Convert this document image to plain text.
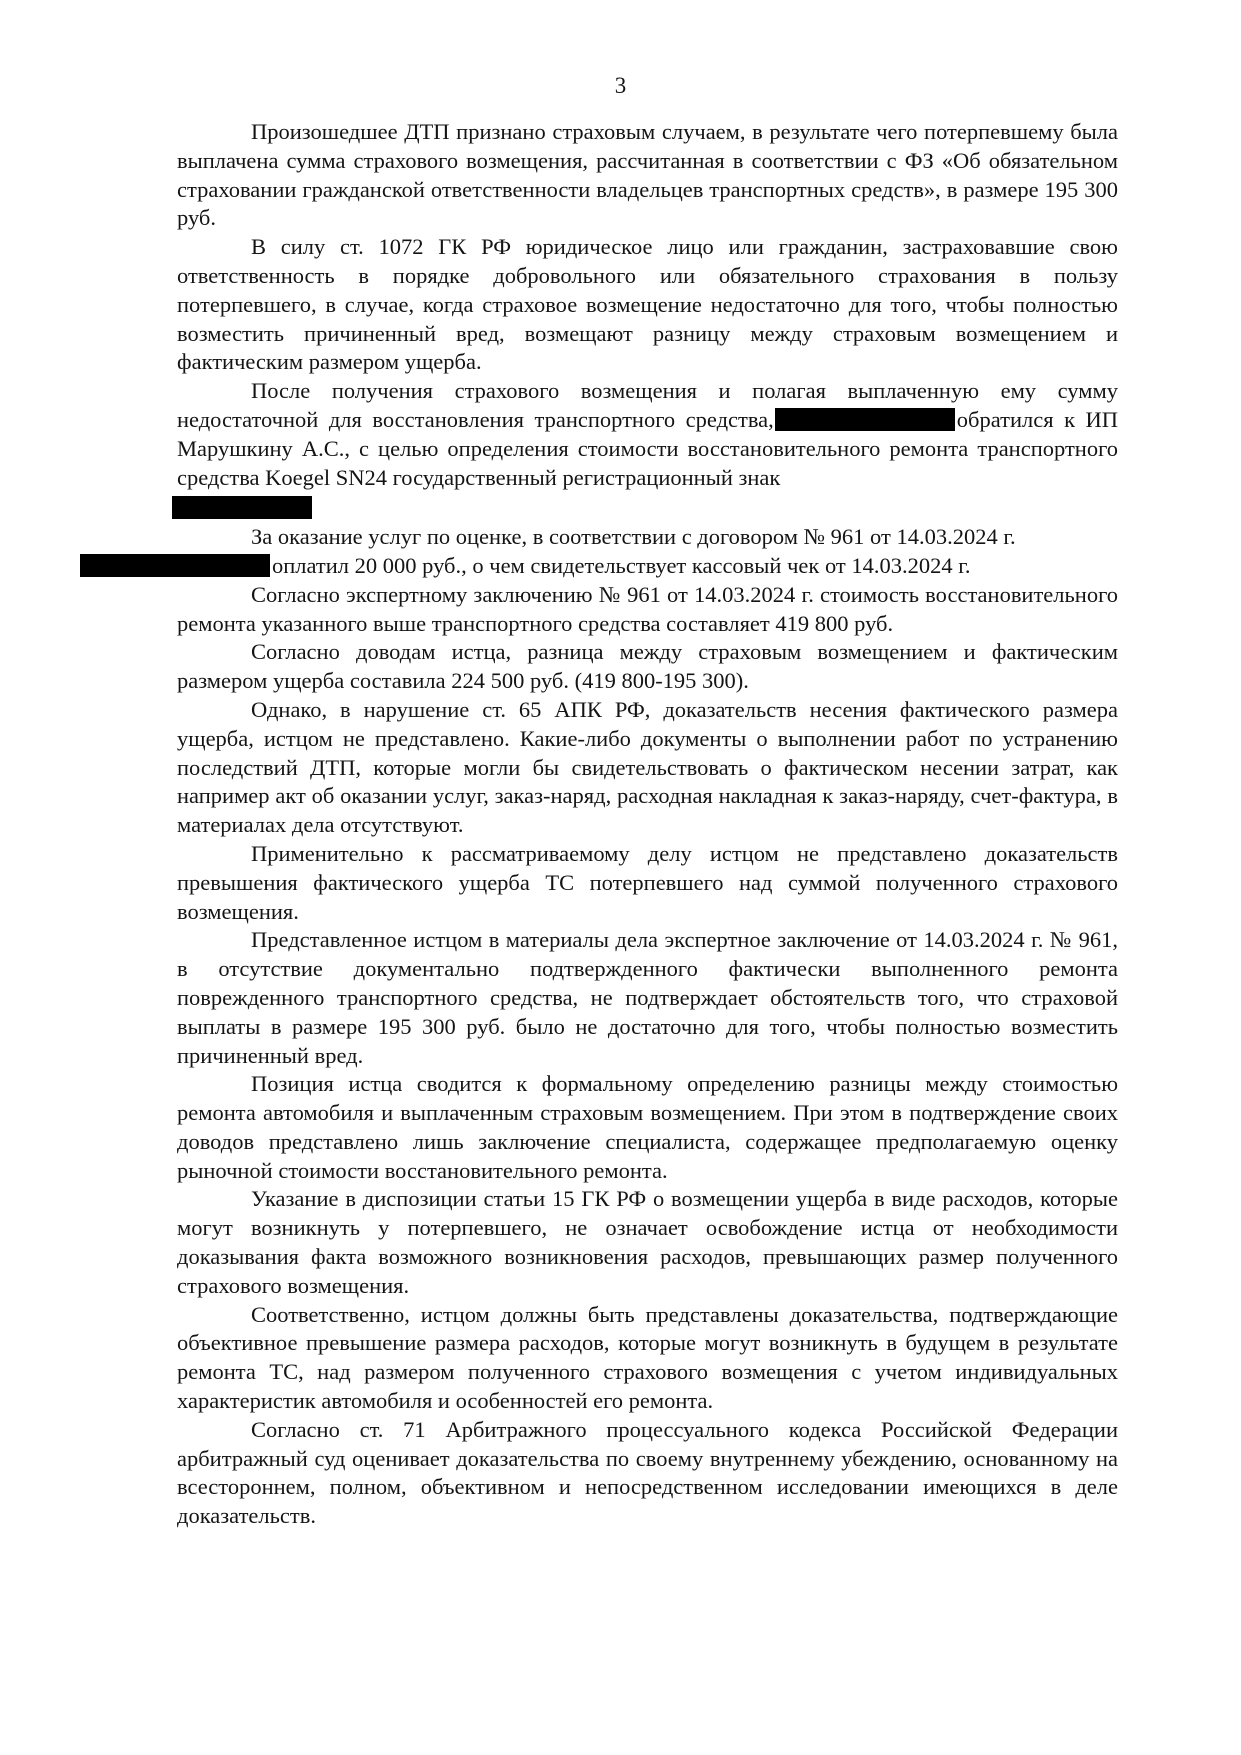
3

Произошедшее ДТП признано страховым случаем, в результате чего потерпевшему была выплачена сумма страхового возмещения, рассчитанная в соответствии с ФЗ «Об обязательном страховании гражданской ответственности владельцев транспортных средств», в размере 195 300 руб.

В силу ст. 1072 ГК РФ юридическое лицо или гражданин, застраховавшие свою ответственность в порядке добровольного или обязательного страхования в пользу потерпевшего, в случае, когда страховое возмещение недостаточно для того, чтобы полностью возместить причиненный вред, возмещают разницу между страховым возмещением и фактическим размером ущерба.

После получения страхового возмещения и полагая выплаченную ему сумму недостаточной для восстановления транспортного средства,	обратился к ИП Марушкину А.С., с целью определения стоимости восстановительного ремонта транспортного средства Koegel SN24 государственный регистрационный знак

За оказание услуг по оценке, в соответствии с договором № 961 от 14.03.2024 г.
оплатил 20 000 руб., о чем свидетельствует кассовый чек от 14.03.2024 г.

Согласно экспертному заключению № 961 от 14.03.2024 г. стоимость восстановительного ремонта указанного выше транспортного средства составляет 419 800 руб.

Согласно доводам истца, разница между страховым возмещением и фактическим размером ущерба составила 224 500 руб. (419 800-195 300).

Однако, в нарушение ст. 65 АПК РФ, доказательств несения фактического размера ущерба, истцом не представлено. Какие-либо документы о выполнении работ по устранению последствий ДТП, которые могли бы свидетельствовать о фактическом несении затрат, как например акт об оказании услуг, заказ-наряд, расходная накладная к заказ-наряду, счет-фактура, в материалах дела отсутствуют.

Применительно к рассматриваемому делу истцом не представлено доказательств превышения фактического ущерба ТС потерпевшего над суммой полученного страхового возмещения.

Представленное истцом в материалы дела экспертное заключение от 14.03.2024 г. № 961, в отсутствие документально подтвержденного фактически выполненного ремонта поврежденного транспортного средства, не подтверждает обстоятельств того, что страховой выплаты в размере 195 300 руб. было не достаточно для того, чтобы полностью возместить причиненный вред.

Позиция истца сводится к формальному определению разницы между стоимостью ремонта автомобиля и выплаченным страховым возмещением. При этом в подтверждение своих доводов представлено лишь заключение специалиста, содержащее предполагаемую оценку рыночной стоимости восстановительного ремонта.

Указание в диспозиции статьи 15 ГК РФ о возмещении ущерба в виде расходов, которые могут возникнуть у потерпевшего, не означает освобождение истца от необходимости доказывания факта возможного возникновения расходов, превышающих размер полученного страхового возмещения.

Соответственно, истцом должны быть представлены доказательства, подтверждающие объективное превышение размера расходов, которые могут возникнуть в будущем в результате ремонта ТС, над размером полученного страхового возмещения с учетом индивидуальных характеристик автомобиля и особенностей его ремонта.

Согласно ст. 71 Арбитражного процессуального кодекса Российской Федерации арбитражный суд оценивает доказательства по своему внутреннему убеждению, основанному на всестороннем, полном, объективном и непосредственном исследовании имеющихся в деле доказательств.
